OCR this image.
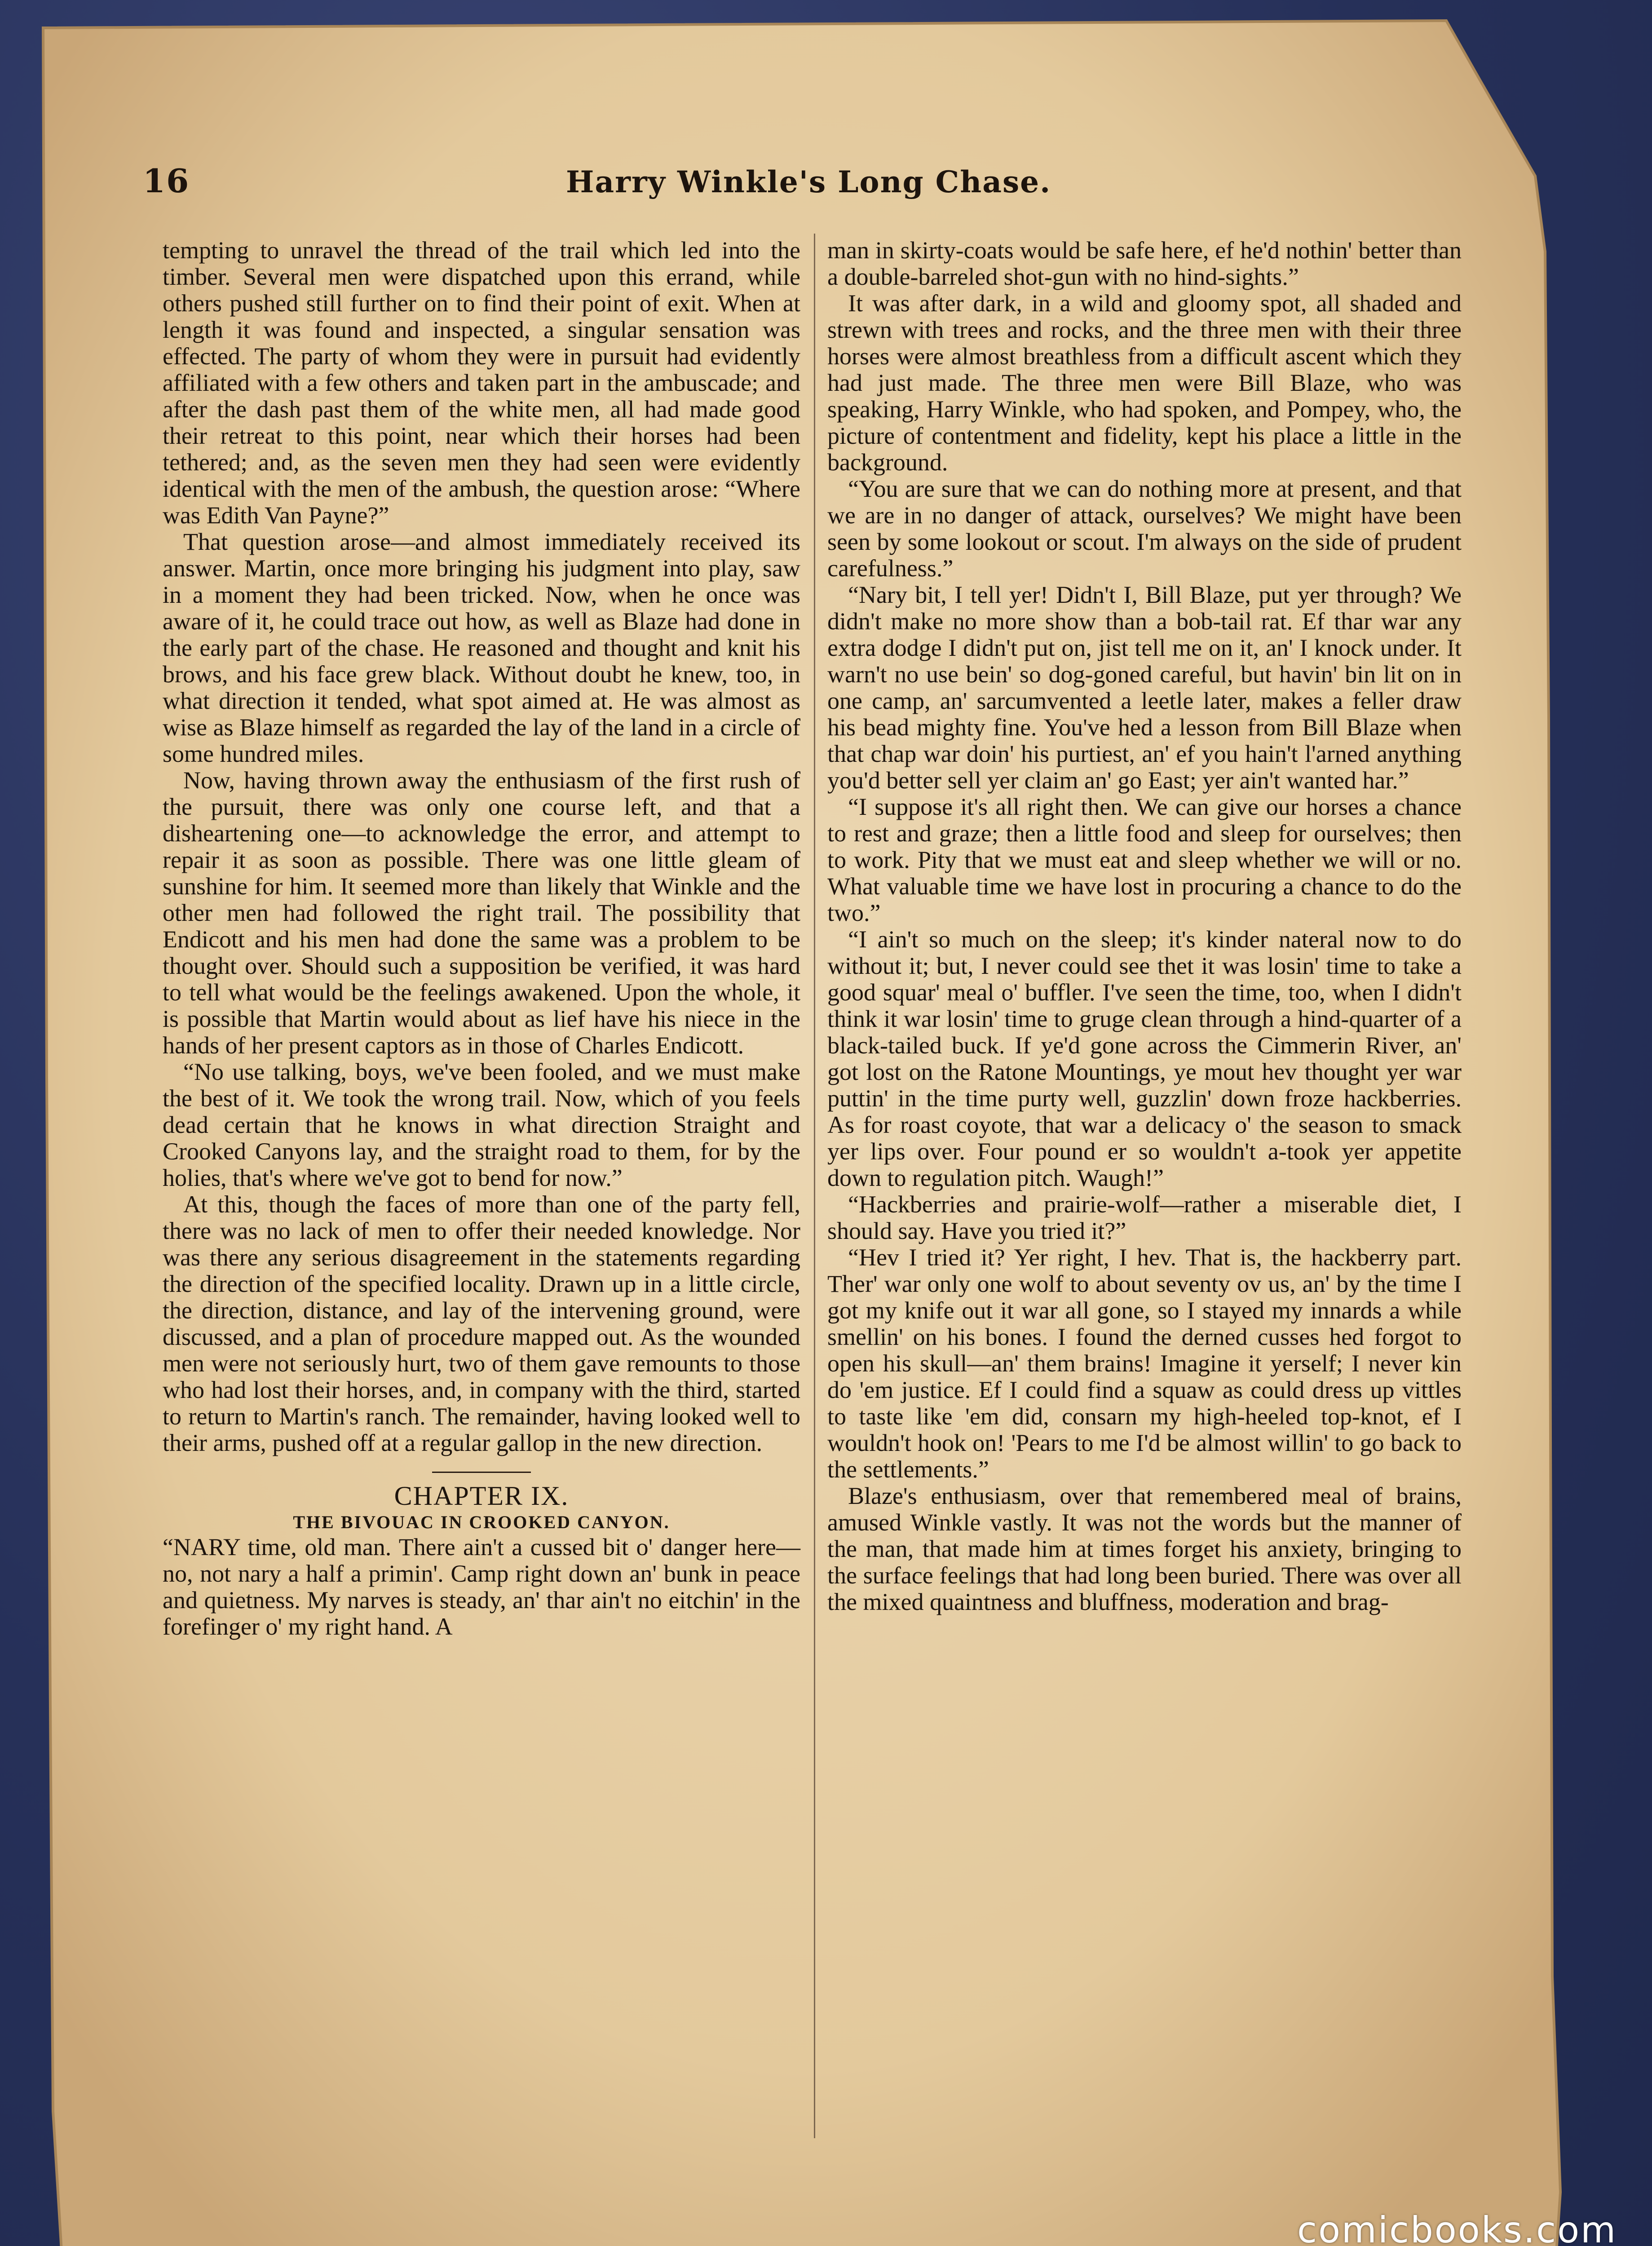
16	Harry Winkle's Long Chase.

tempting to unravel the thread of the trail which led into the timber. Several men were dispatched upon this errand, while others pushed still further on to find their point of exit. When at length it was found and inspected, a singular sensation was effected. The party of whom they were in pursuit had evidently affiliated with a few others and taken part in the ambuscade; and after the dash past them of the white men, all had made good their retreat to this point, near which their horses had been tethered; and, as the seven men they had seen were evidently identical with the men of the ambush, the question arose: “Where was Edith Van Payne?”

That question arose—and almost immediately received its answer. Martin, once more bringing his judgment into play, saw in a moment they had been tricked. Now, when he once was aware of it, he could trace out how, as well as Blaze had done in the early part of the chase. He reasoned and thought and knit his brows, and his face grew black. Without doubt he knew, too, in what direction it tended, what spot aimed at. He was almost as wise as Blaze himself as regarded the lay of the land in a circle of some hundred miles.

Now, having thrown away the enthusiasm of the first rush of the pursuit, there was only one course left, and that a disheartening one—to acknowledge the error, and attempt to repair it as soon as possible. There was one little gleam of sunshine for him. It seemed more than likely that Winkle and the other men had followed the right trail. The possibility that Endicott and his men had done the same was a problem to be thought over. Should such a supposition be verified, it was hard to tell what would be the feelings awakened. Upon the whole, it is possible that Martin would about as lief have his niece in the hands of her present captors as in those of Charles Endicott.

“No use talking, boys, we've been fooled, and we must make the best of it. We took the wrong trail. Now, which of you feels dead certain that he knows in what direction Straight and Crooked Canyons lay, and the straight road to them, for by the holies, that's where we've got to bend for now.”

At this, though the faces of more than one of the party fell, there was no lack of men to offer their needed knowledge. Nor was there any serious disagreement in the statements regarding the direction of the specified locality. Drawn up in a little circle, the direction, distance, and lay of the intervening ground, were discussed, and a plan of procedure mapped out. As the wounded men were not seriously hurt, two of them gave remounts to those who had lost their horses, and, in company with the third, started to return to Martin's ranch. The remainder, having looked well to their arms, pushed off at a regular gallop in the new direction.

CHAPTER IX.

THE BIVOUAC IN CROOKED CANYON.

“NARY time, old man. There ain't a cussed bit o' danger here—no, not nary a half a primin'. Camp right down an' bunk in peace and quietness. My narves is steady, an' thar ain't no eitchin' in the forefinger o' my right hand. A

man in skirty-coats would be safe here, ef he'd nothin' better than a double-barreled shot-gun with no hind-sights.”

It was after dark, in a wild and gloomy spot, all shaded and strewn with trees and rocks, and the three men with their three horses were almost breathless from a difficult ascent which they had just made. The three men were Bill Blaze, who was speaking, Harry Winkle, who had spoken, and Pompey, who, the picture of contentment and fidelity, kept his place a little in the background.

“You are sure that we can do nothing more at present, and that we are in no danger of attack, ourselves? We might have been seen by some lookout or scout. I'm always on the side of prudent carefulness.”

“Nary bit, I tell yer! Didn't I, Bill Blaze, put yer through? We didn't make no more show than a bob-tail rat. Ef thar war any extra dodge I didn't put on, jist tell me on it, an' I knock under. It warn't no use bein' so dog-goned careful, but havin' bin lit on in one camp, an' sarcumvented a leetle later, makes a feller draw his bead mighty fine. You've hed a lesson from Bill Blaze when that chap war doin' his purtiest, an' ef you hain't l'arned anything you'd better sell yer claim an' go East; yer ain't wanted har.”

“I suppose it's all right then. We can give our horses a chance to rest and graze; then a little food and sleep for ourselves; then to work. Pity that we must eat and sleep whether we will or no. What valuable time we have lost in procuring a chance to do the two.”

“I ain't so much on the sleep; it's kinder nateral now to do without it; but, I never could see thet it was losin' time to take a good squar' meal o' buffler. I've seen the time, too, when I didn't think it war losin' time to gruge clean through a hind-quarter of a black-tailed buck. If ye'd gone across the Cimmerin River, an' got lost on the Ratone Mountings, ye mout hev thought yer war puttin' in the time purty well, guzzlin' down froze hackberries. As for roast coyote, that war a delicacy o' the season to smack yer lips over. Four pound er so wouldn't a-took yer appetite down to regulation pitch. Waugh!”

“Hackberries and prairie-wolf—rather a miserable diet, I should say. Have you tried it?”

“Hev I tried it? Yer right, I hev. That is, the hackberry part. Ther' war only one wolf to about seventy ov us, an' by the time I got my knife out it war all gone, so I stayed my innards a while smellin' on his bones. I found the derned cusses hed forgot to open his skull—an' them brains! Imagine it yerself; I never kin do 'em justice. Ef I could find a squaw as could dress up vittles to taste like 'em did, consarn my high-heeled top-knot, ef I wouldn't hook on! 'Pears to me I'd be almost willin' to go back to the settlements.”

Blaze's enthusiasm, over that remembered meal of brains, amused Winkle vastly. It was not the words but the manner of the man, that made him at times forget his anxiety, bringing to the surface feelings that had long been buried. There was over all the mixed quaintness and bluffness, moderation and brag-

comicbooks.com
